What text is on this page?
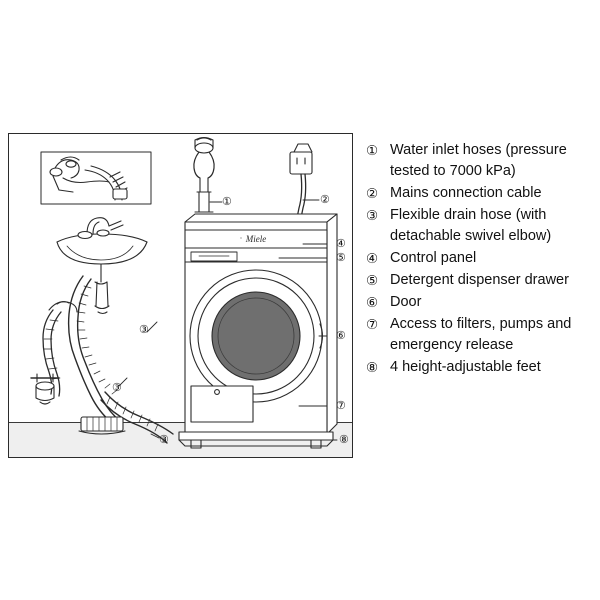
Miele
①	②
④
⑤
⑥
⑦
⑧
③
③
③
① Water inlet hoses (pressure tested to 7000 kPa)
② Mains connection cable
③ Flexible drain hose (with detachable swivel elbow)
④ Control panel
⑤ Detergent dispenser drawer
⑥ Door
⑦ Access to filters, pumps and emergency release
⑧ 4 height-adjustable feet
